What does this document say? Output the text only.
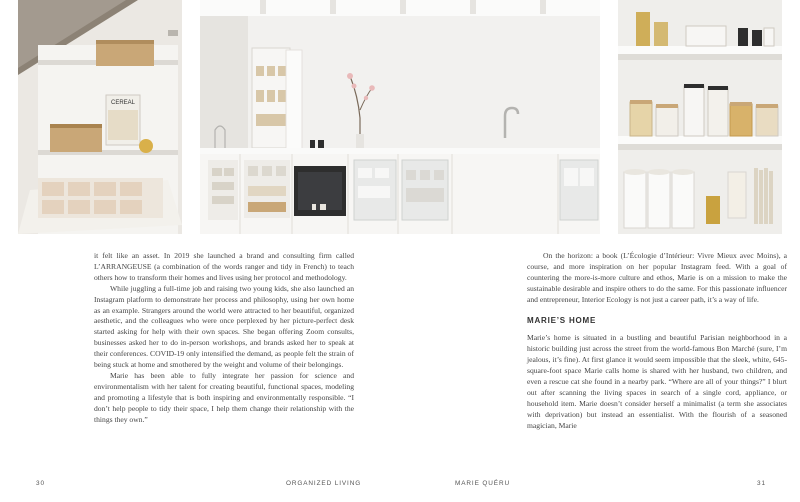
CEREAL

it felt like an asset. In 2019 she launched a brand and consulting firm called L’ARRANGEUSE (a combination of the words ranger and tidy in French) to teach others how to transform their homes and lives using her protocol and methodology.

While juggling a full-time job and raising two young kids, she also launched an Instagram platform to demonstrate her process and philosophy, using her own home as an example. Strangers around the world were attracted to her beautiful, organized aesthetic, and the colleagues who were once perplexed by her picture-perfect desk started asking for help with their own spaces. She began offering Zoom consults, businesses asked her to do in-person workshops, and brands asked her to speak at their conferences. COVID-19 only intensified the demand, as people felt the strain of being stuck at home and smothered by the weight and volume of their belongings.

Marie has been able to fully integrate her passion for science and environmentalism with her talent for creating beautiful, functional spaces, modeling and promoting a lifestyle that is both inspiring and environmentally responsible. “I don’t help people to tidy their space, I help them change their relationship with the things they own.”

On the horizon: a book (L’Écologie d’Intérieur: Vivre Mieux avec Moins), a course, and more inspiration on her popular Instagram feed. With a goal of countering the more-is-more culture and ethos, Marie is on a mission to make the sustainable desirable and inspire others to do the same. For this passionate influencer and entrepreneur, Interior Ecology is not just a career path, it’s a way of life.

MARIE’S HOME

Marie’s home is situated in a bustling and beautiful Parisian neighborhood in a historic building just across the street from the world-famous Bon Marché (sure, I’m jealous, it’s fine). At first glance it would seem impossible that the sleek, white, 645-square-foot space Marie calls home is shared with her husband, two children, and even a rescue cat she found in a nearby park. “Where are all of your things?” I blurt out after scanning the living spaces in search of a single cord, appliance, or household item. Marie doesn’t consider herself a minimalist (a term she associates with deprivation) but instead an essentialist. With the flourish of a seasoned magician, Marie

30	ORGANIZED LIVING	MARIE QUÉRU	31
